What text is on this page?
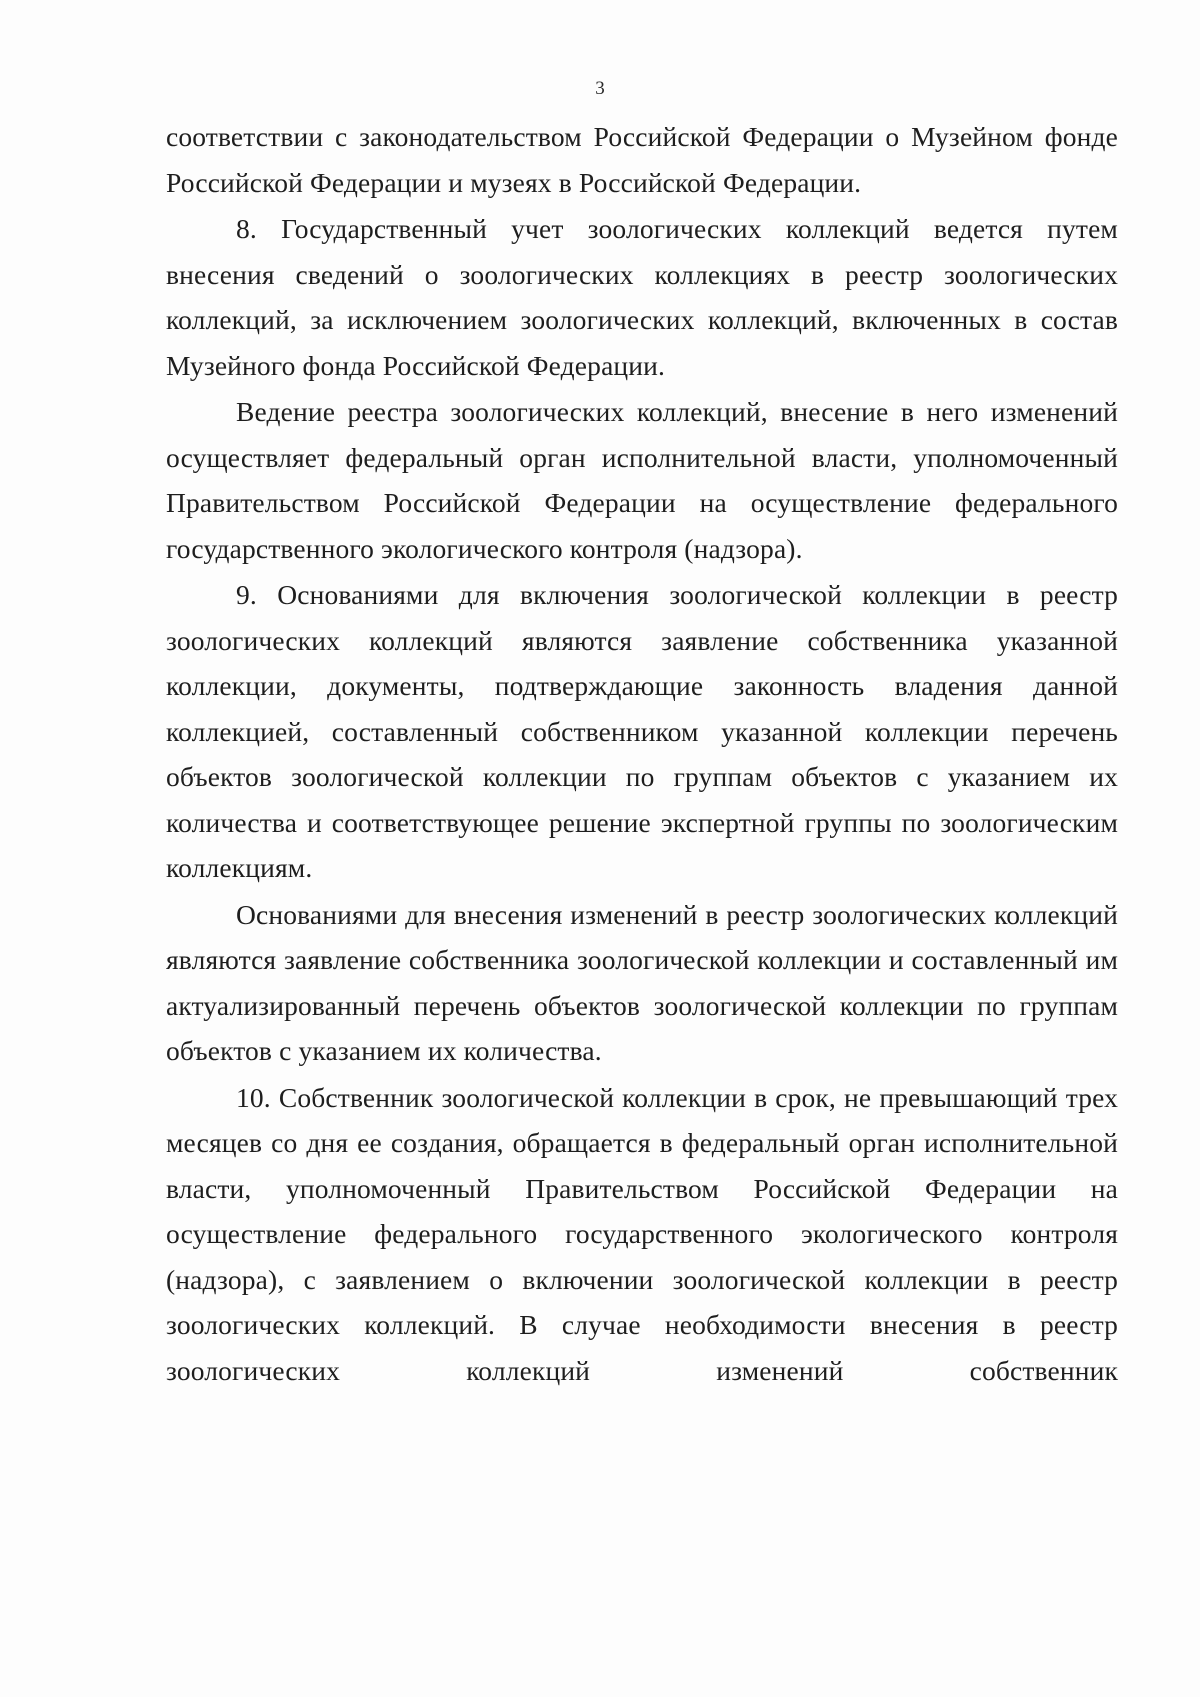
3

соответствии с законодательством Российской Федерации о Музейном фонде Российской Федерации и музеях в Российской Федерации.

8. Государственный учет зоологических коллекций ведется путем внесения сведений о зоологических коллекциях в реестр зоологических коллекций, за исключением зоологических коллекций, включенных в состав Музейного фонда Российской Федерации.

Ведение реестра зоологических коллекций, внесение в него изменений осуществляет федеральный орган исполнительной власти, уполномоченный Правительством Российской Федерации на осуществление федерального государственного экологического контроля (надзора).

9. Основаниями для включения зоологической коллекции в реестр зоологических коллекций являются заявление собственника указанной коллекции, документы, подтверждающие законность владения данной коллекцией, составленный собственником указанной коллекции перечень объектов зоологической коллекции по группам объектов с указанием их количества и соответствующее решение экспертной группы по зоологическим коллекциям.

Основаниями для внесения изменений в реестр зоологических коллекций являются заявление собственника зоологической коллекции и составленный им актуализированный перечень объектов зоологической коллекции по группам объектов с указанием их количества.

10. Собственник зоологической коллекции в срок, не превышающий трех месяцев со дня ее создания, обращается в федеральный орган исполнительной власти, уполномоченный Правительством Российской Федерации на осуществление федерального государственного экологического контроля (надзора), с заявлением о включении зоологической коллекции в реестр зоологических коллекций. В случае необходимости внесения в реестр зоологических коллекций изменений собственник
